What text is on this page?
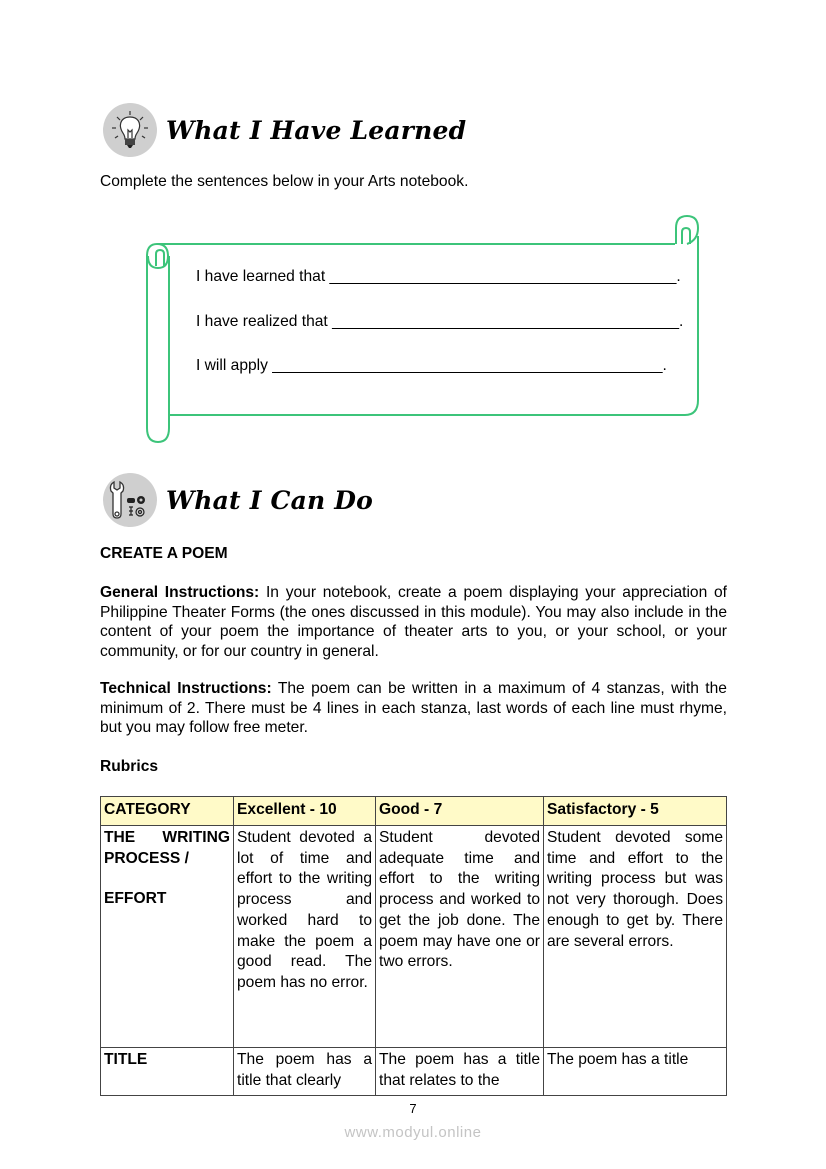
What I Have Learned
Complete the sentences below in your Arts notebook.
I have learned that ________________________________________.
I have realized that ________________________________________.
I will apply _____________________________________________.
What I Can Do
CREATE A POEM
General Instructions: In your notebook, create a poem displaying your appreciation of Philippine Theater Forms (the ones discussed in this module). You may also include in the content of your poem the importance of theater arts to you, or your school, or your community, or for our country in general.
Technical Instructions: The poem can be written in a maximum of 4 stanzas, with the minimum of 2. There must be 4 lines in each stanza, last words of each line must rhyme, but you may follow free meter.
Rubrics
CATEGORY	Excellent - 10	Good - 7	Satisfactory - 5

THE WRITING PROCESS /
EFFORT	Student devoted a lot of time and effort to the writing process and worked hard to make the poem a good read. The poem has no error.	Student devoted adequate time and effort to the writing process and worked to get the job done. The poem may have one or two errors.	Student devoted some time and effort to the writing process but was not very thorough. Does enough to get by. There are several errors.
TITLE	The poem has a title that clearly	The poem has a title that relates to the	The poem has a title
7
www.modyul.online
